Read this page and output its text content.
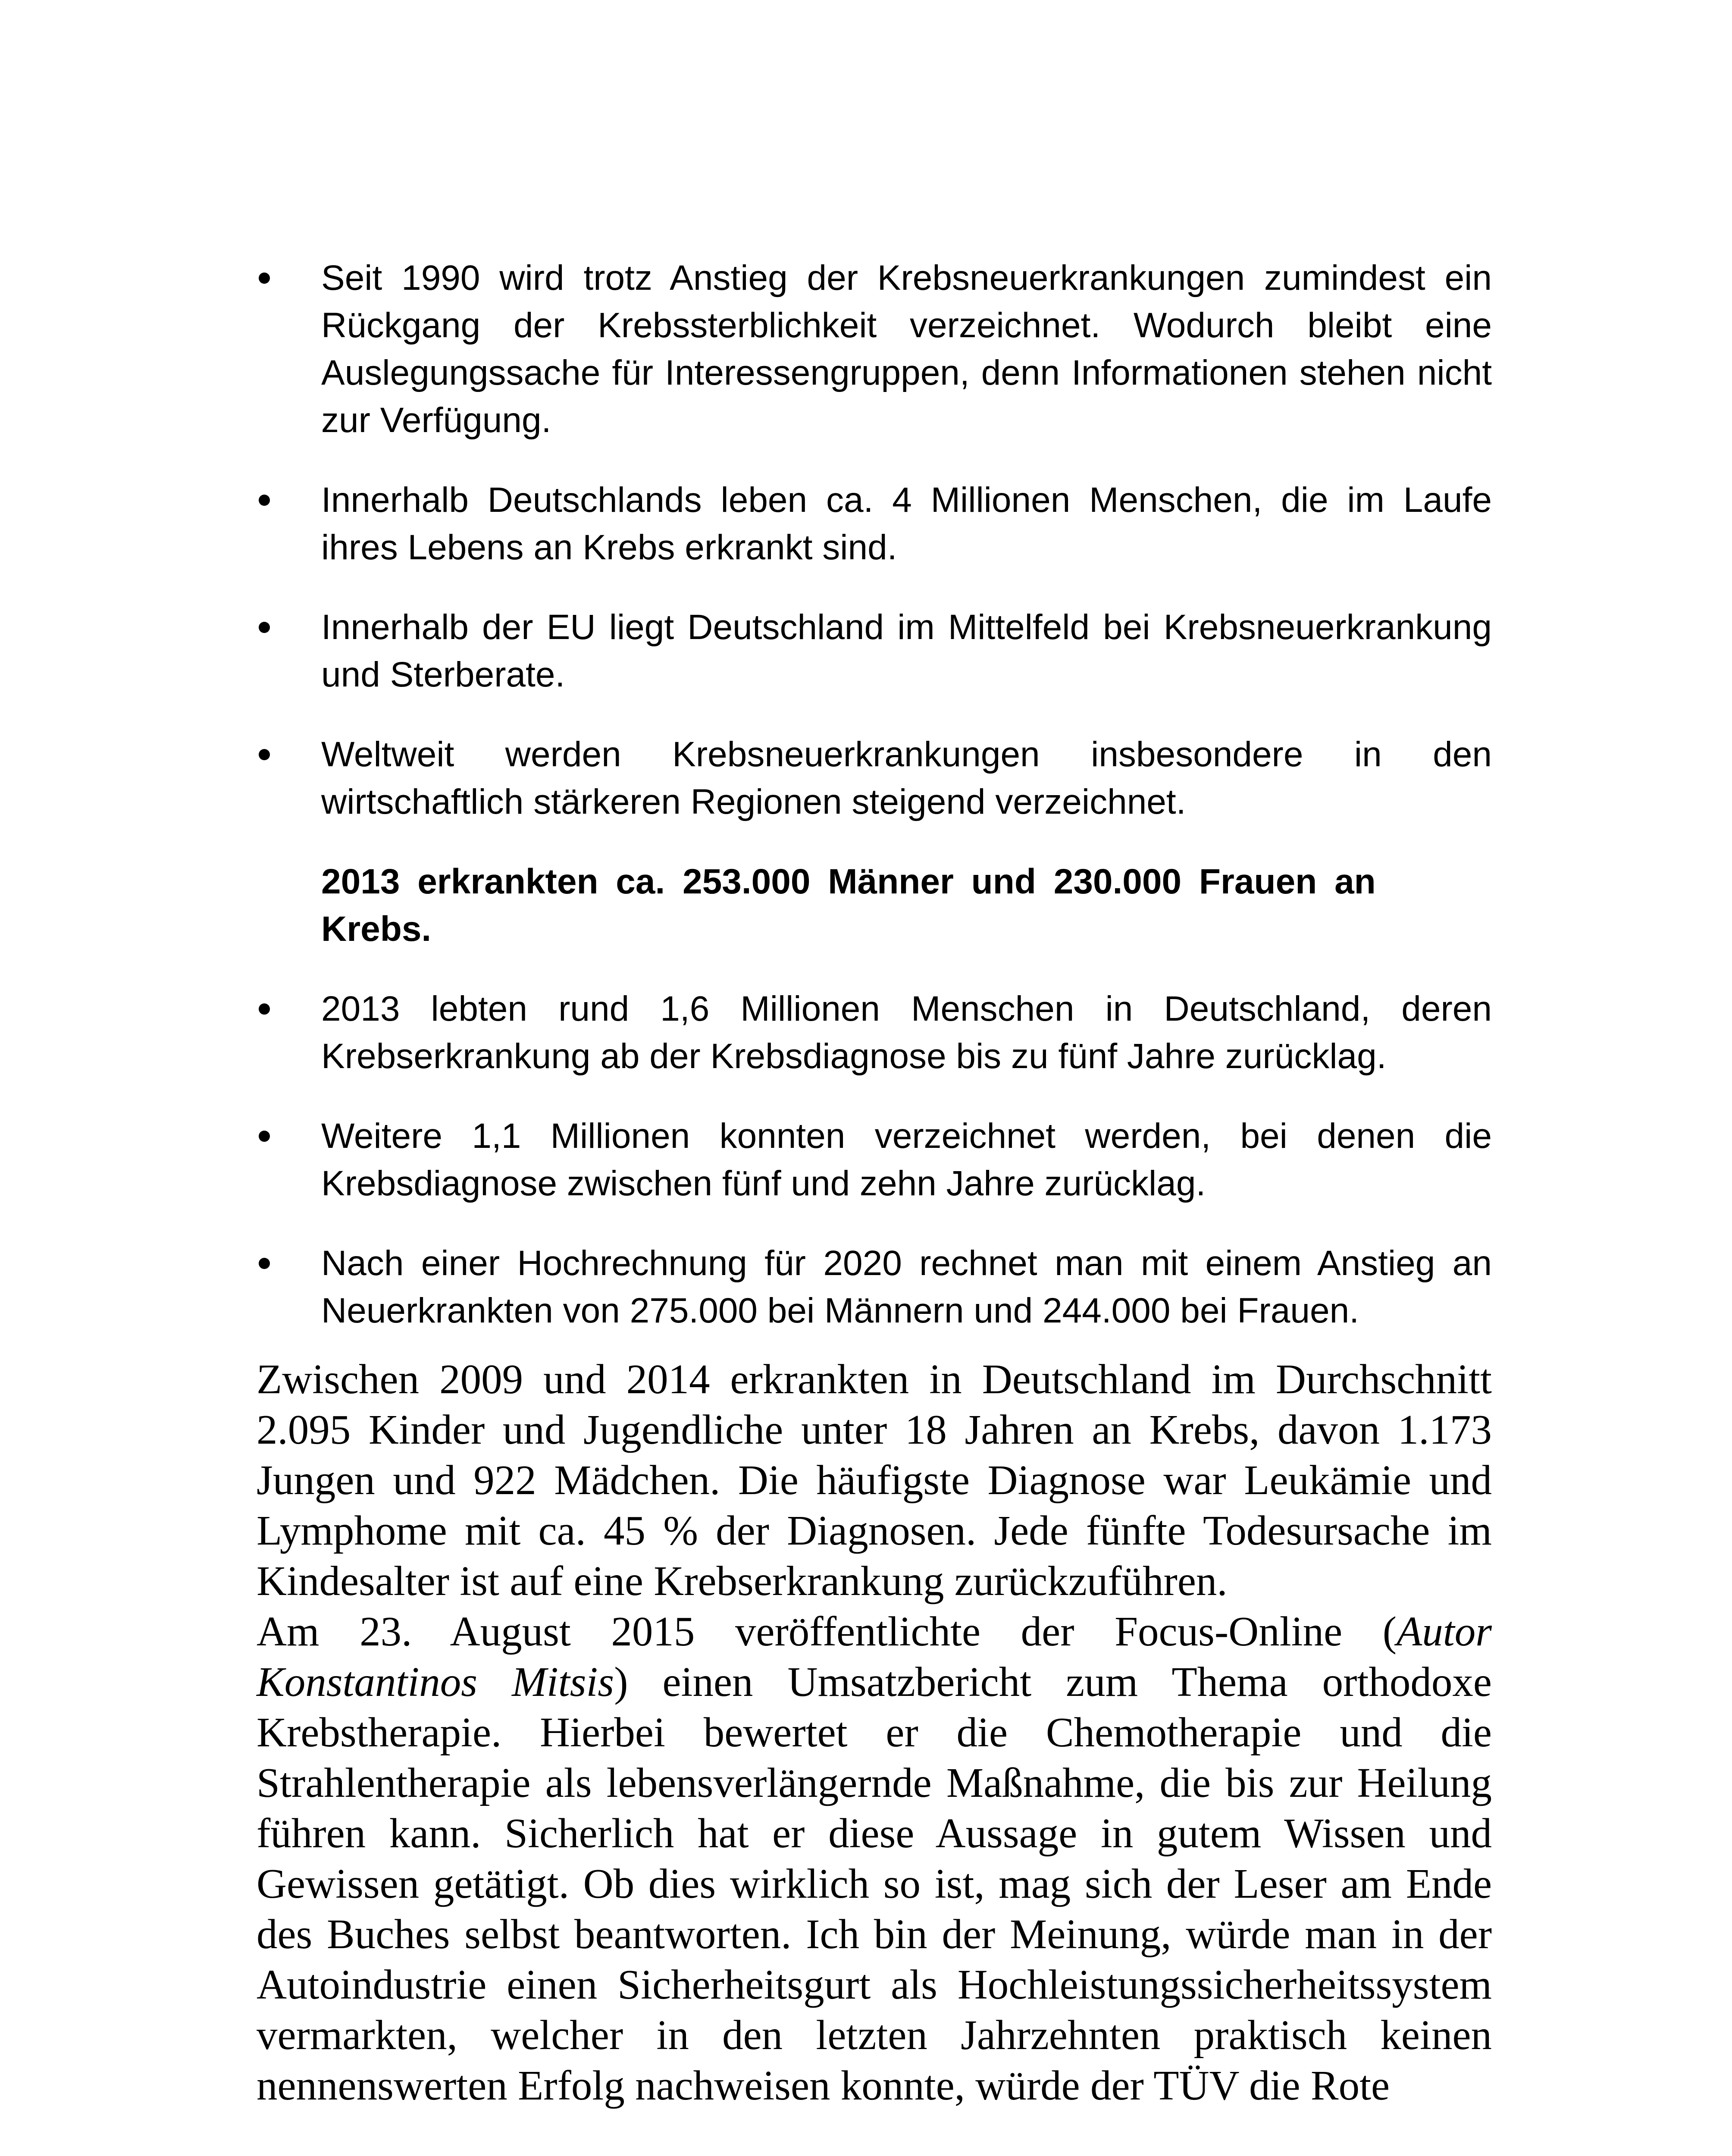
Seit 1990 wird trotz Anstieg der Krebsneuerkrankungen zumindest ein Rückgang der Krebssterblichkeit verzeichnet. Wodurch bleibt eine Auslegungssache für Interessengruppen, denn Informationen stehen nicht zur Verfügung.
Innerhalb Deutschlands leben ca. 4 Millionen Menschen, die im Laufe ihres Lebens an Krebs erkrankt sind.
Innerhalb der EU liegt Deutschland im Mittelfeld bei Krebsneuerkrankung und Sterberate.
Weltweit werden Krebsneuerkrankungen insbesondere in den wirtschaftlich stärkeren Regionen steigend verzeichnet.
2013 erkrankten ca. 253.000 Männer und 230.000 Frauen an Krebs.
2013 lebten rund 1,6 Millionen Menschen in Deutschland, deren Krebserkrankung ab der Krebsdiagnose bis zu fünf Jahre zurücklag.
Weitere 1,1 Millionen konnten verzeichnet werden, bei denen die Krebsdiagnose zwischen fünf und zehn Jahre zurücklag.
Nach einer Hochrechnung für 2020 rechnet man mit einem Anstieg an Neuerkrankten von 275.000 bei Männern und 244.000 bei Frauen.

Zwischen 2009 und 2014 erkrankten in Deutschland im Durchschnitt 2.095 Kinder und Jugendliche unter 18 Jahren an Krebs, davon 1.173 Jungen und 922 Mädchen. Die häufigste Diagnose war Leukämie und Lymphome mit ca. 45 % der Diagnosen. Jede fünfte Todesursache im Kindesalter ist auf eine Krebserkrankung zurückzuführen.

Am 23. August 2015 veröffentlichte der Focus-Online (Autor Konstantinos Mitsis) einen Umsatzbericht zum Thema orthodoxe Krebstherapie. Hierbei bewertet er die Chemotherapie und die Strahlentherapie als lebensverlängernde Maßnahme, die bis zur Heilung führen kann. Sicherlich hat er diese Aussage in gutem Wissen und Gewissen getätigt. Ob dies wirklich so ist, mag sich der Leser am Ende des Buches selbst beantworten. Ich bin der Meinung, würde man in der Autoindustrie einen Sicherheitsgurt als Hochleistungssicherheitssystem vermarkten, welcher in den letzten Jahrzehnten praktisch keinen nennenswerten Erfolg nachweisen konnte, würde der TÜV die Rote
